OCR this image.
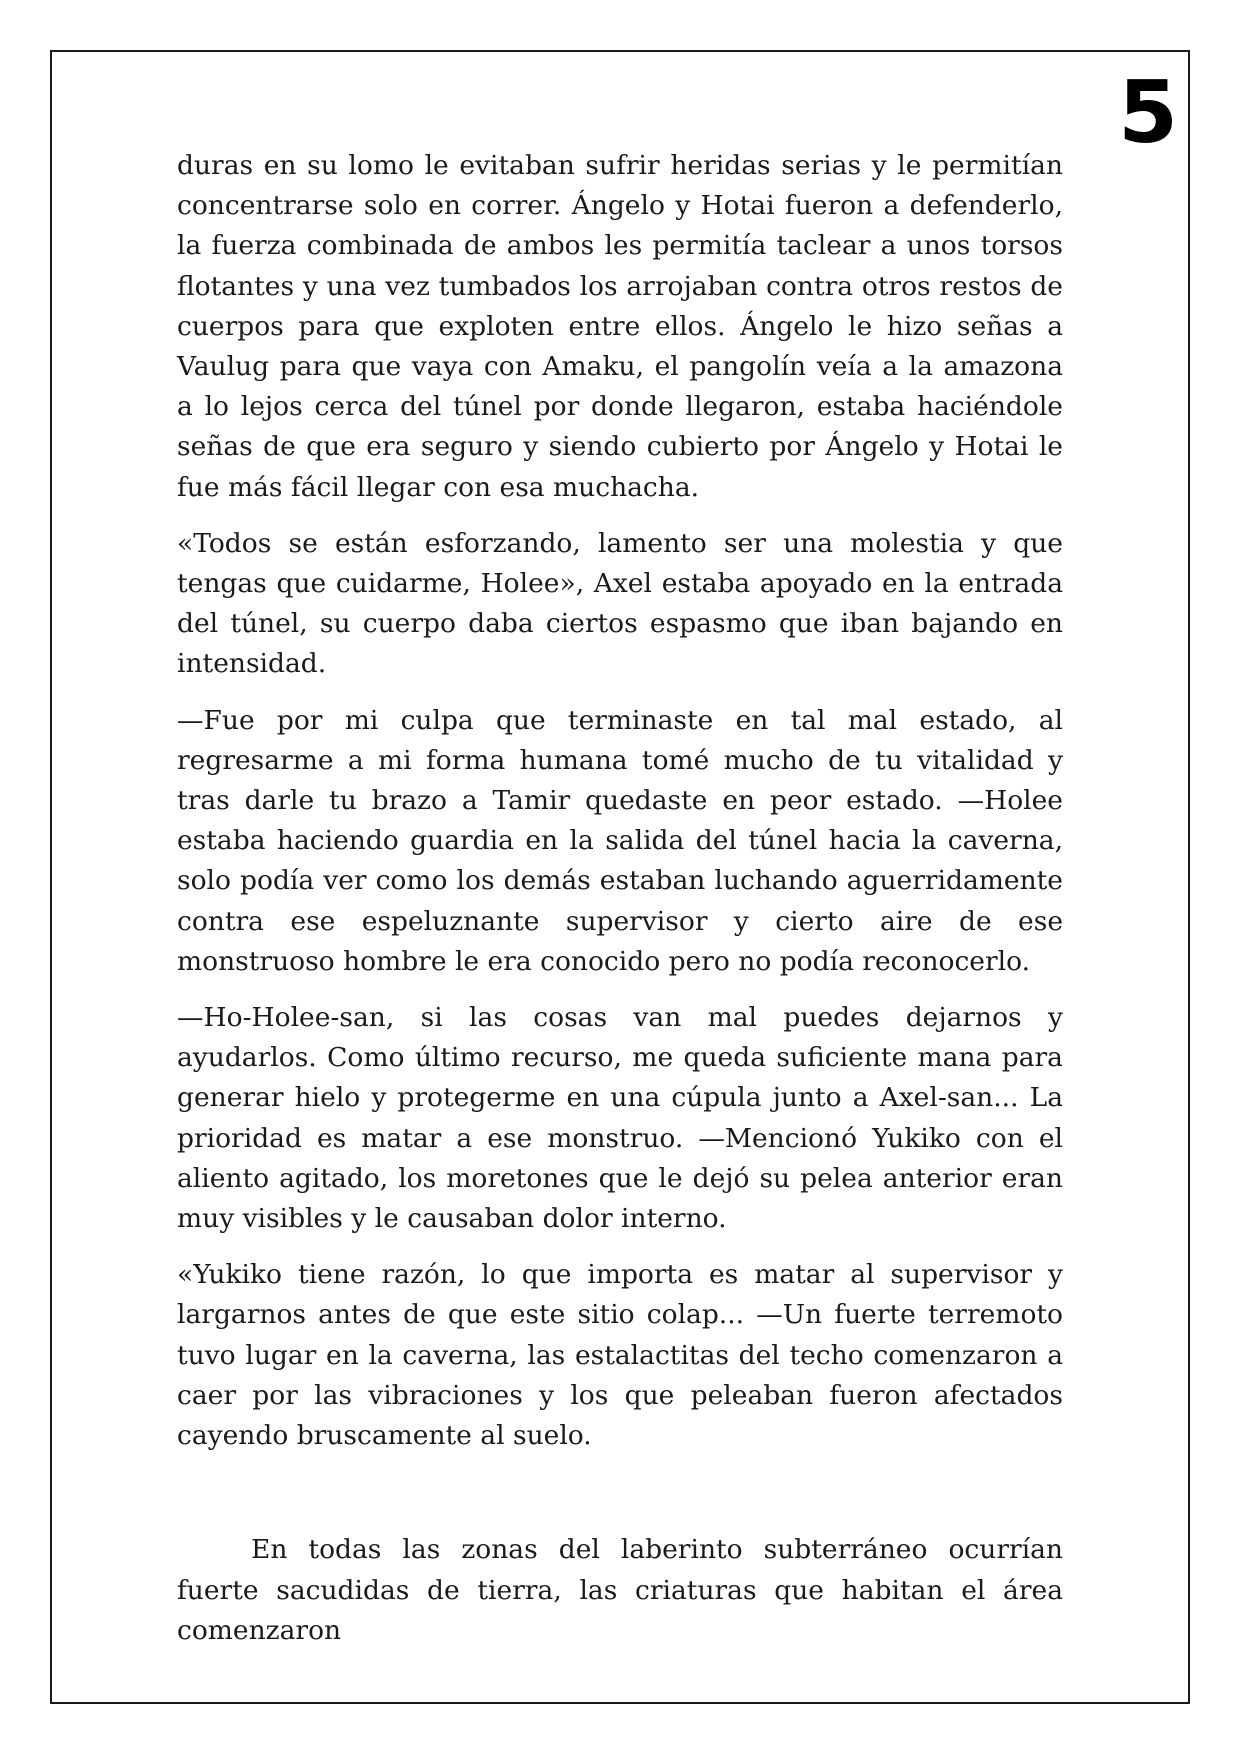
5

duras en su lomo le evitaban sufrir heridas serias y le permitían concentrarse solo en correr. Ángelo y Hotai fueron a defenderlo, la fuerza combinada de ambos les permitía taclear a unos torsos flotantes y una vez tumbados los arrojaban contra otros restos de cuerpos para que exploten entre ellos. Ángelo le hizo señas a Vaulug para que vaya con Amaku, el pangolín veía a la amazona a lo lejos cerca del túnel por donde llegaron, estaba haciéndole señas de que era seguro y siendo cubierto por Ángelo y Hotai le fue más fácil llegar con esa muchacha.

«Todos se están esforzando, lamento ser una molestia y que tengas que cuidarme, Holee», Axel estaba apoyado en la entrada del túnel, su cuerpo daba ciertos espasmo que iban bajando en intensidad.

—Fue por mi culpa que terminaste en tal mal estado, al regresarme a mi forma humana tomé mucho de tu vitalidad y tras darle tu brazo a Tamir quedaste en peor estado. —Holee estaba haciendo guardia en la salida del túnel hacia la caverna, solo podía ver como los demás estaban luchando aguerridamente contra ese espeluznante supervisor y cierto aire de ese monstruoso hombre le era conocido pero no podía reconocerlo.

—Ho-Holee-san, si las cosas van mal puedes dejarnos y ayudarlos. Como último recurso, me queda suficiente mana para generar hielo y protegerme en una cúpula junto a Axel-san... La prioridad es matar a ese monstruo. —Mencionó Yukiko con el aliento agitado, los moretones que le dejó su pelea anterior eran muy visibles y le causaban dolor interno.

«Yukiko tiene razón, lo que importa es matar al supervisor y largarnos antes de que este sitio colap... —Un fuerte terremoto tuvo lugar en la caverna, las estalactitas del techo comenzaron a caer por las vibraciones y los que peleaban fueron afectados cayendo bruscamente al suelo.

En todas las zonas del laberinto subterráneo ocurrían fuerte sacudidas de tierra, las criaturas que habitan el área comenzaron
